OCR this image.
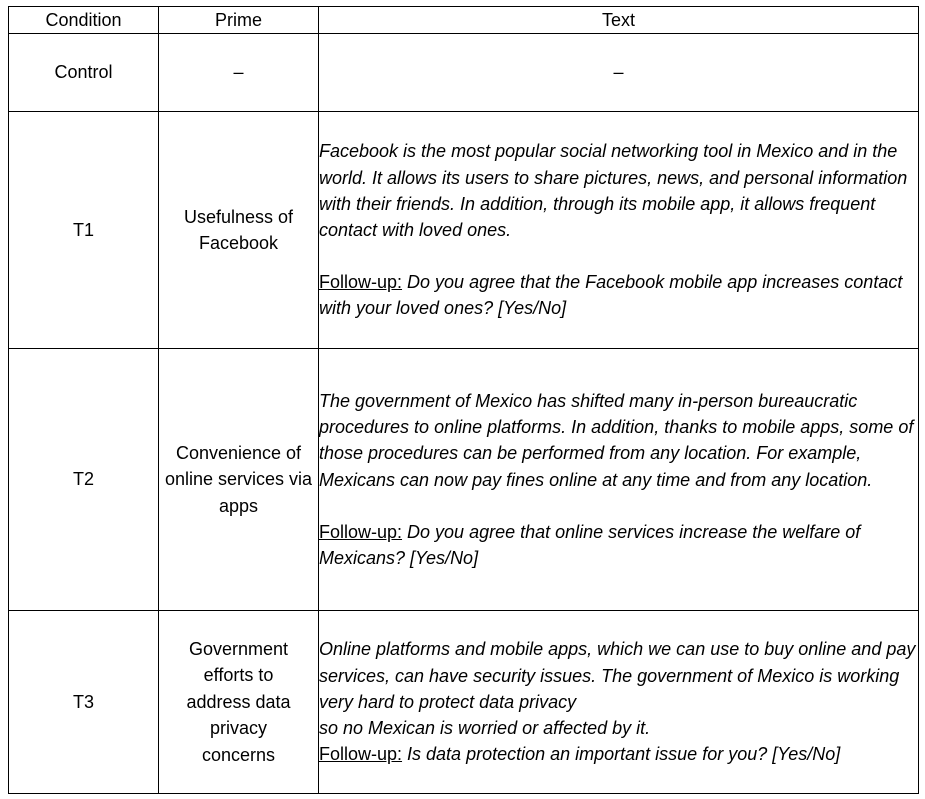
Condition	Prime	Text
Control	–	–
T1	Usefulness of Facebook	Facebook is the most popular social networking tool in Mexico and in the world. It allows its users to share pictures, news, and personal information with their friends. In addition, through its mobile app, it allows frequent contact with loved ones.

Follow-up: Do you agree that the Facebook mobile app increases contact with your loved ones? [Yes/No]

T2	Convenience of online services via apps	The government of Mexico has shifted many in-person bureaucratic procedures to online platforms. In addition, thanks to mobile apps, some of those procedures can be performed from any location. For example, Mexicans can now pay fines online at any time and from any location.

Follow-up: Do you agree that online services increase the welfare of Mexicans? [Yes/No]

T3	Government efforts to address data privacy concerns	Online platforms and mobile apps, which we can use to buy online and pay services, can have security issues. The government of Mexico is working very hard to protect data privacy

so no Mexican is worried or affected by it.

Follow-up: Is data protection an important issue for you? [Yes/No]
